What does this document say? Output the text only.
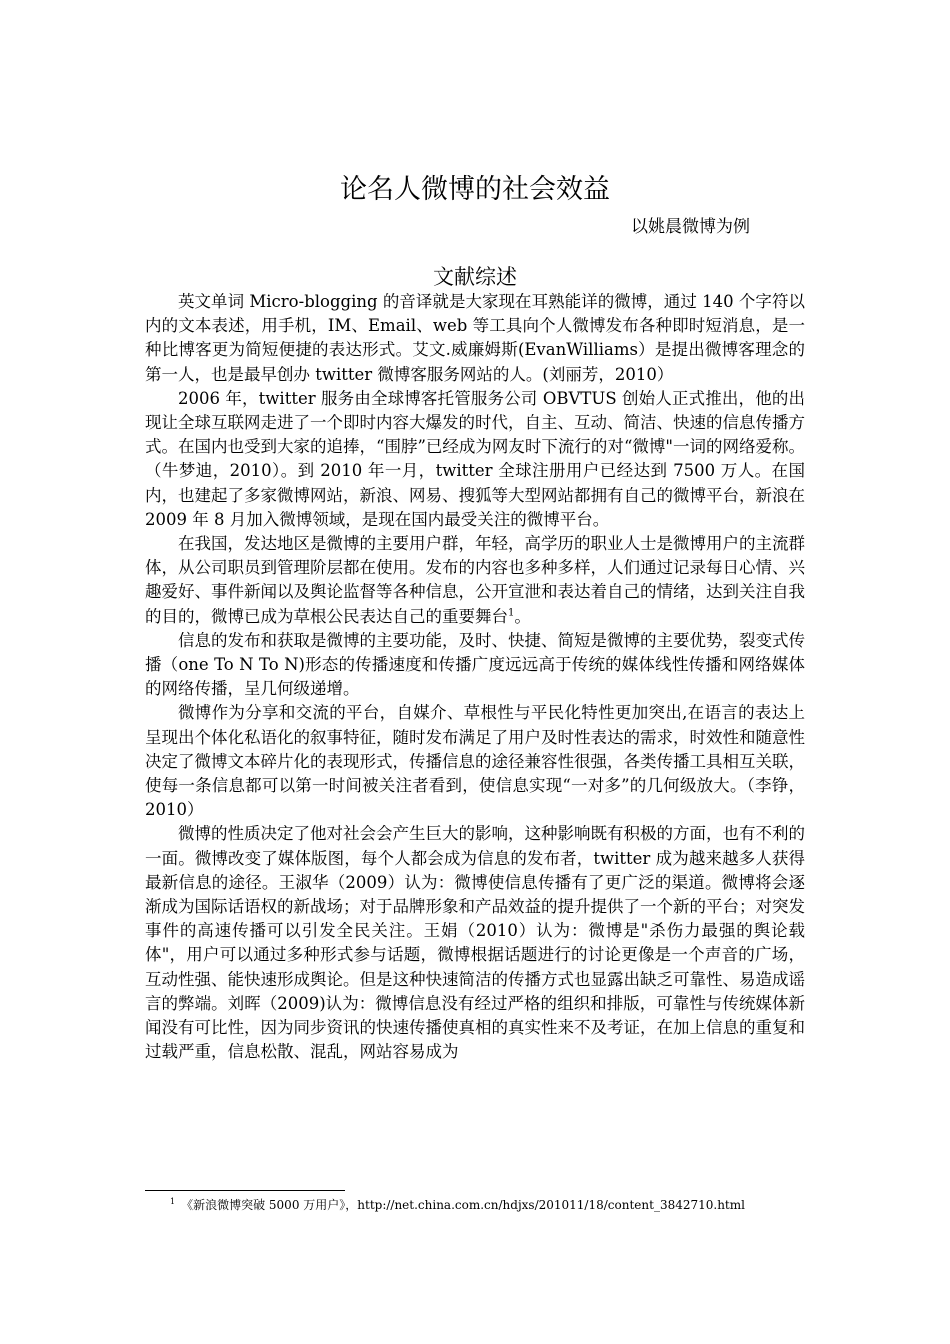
论名人微博的社会效益
以姚晨微博为例
文献综述

英文单词 Micro-blogging 的音译就是大家现在耳熟能详的微博，通过 140 个字符以内的文本表述，用手机，IM、Email、web 等工具向个人微博发布各种即时短消息，是一种比博客更为简短便捷的表达形式。艾文.威廉姆斯(EvanWilliams）是提出微博客理念的第一人，也是最早创办 twitter 微博客服务网站的人。(刘丽芳，2010）

2006 年，twitter 服务由全球博客托管服务公司 OBVTUS 创始人正式推出，他的出现让全球互联网走进了一个即时内容大爆发的时代，自主、互动、简洁、快速的信息传播方式。在国内也受到大家的追捧，“围脖”已经成为网友时下流行的对“微博"一词的网络爱称。（牛梦迪，2010）。到 2010 年一月，twitter 全球注册用户已经达到 7500 万人。在国内，也建起了多家微博网站，新浪、网易、搜狐等大型网站都拥有自己的微博平台，新浪在 2009 年 8 月加入微博领域，是现在国内最受关注的微博平台。

在我国，发达地区是微博的主要用户群，年轻，高学历的职业人士是微博用户的主流群体，从公司职员到管理阶层都在使用。发布的内容也多种多样，人们通过记录每日心情、兴趣爱好、事件新闻以及舆论监督等各种信息，公开宣泄和表达着自己的情绪，达到关注自我的目的，微博已成为草根公民表达自己的重要舞台$^1$。

信息的发布和获取是微博的主要功能，及时、快捷、简短是微博的主要优势，裂变式传播（one To N To N)形态的传播速度和传播广度远远高于传统的媒体线性传播和网络媒体的网络传播，呈几何级递增。

微博作为分享和交流的平台，自媒介、草根性与平民化特性更加突出,在语言的表达上呈现出个体化私语化的叙事特征，随时发布满足了用户及时性表达的需求，时效性和随意性决定了微博文本碎片化的表现形式，传播信息的途径兼容性很强，各类传播工具相互关联，使每一条信息都可以第一时间被关注者看到，使信息实现“一对多”的几何级放大。（李铮，2010）

微博的性质决定了他对社会会产生巨大的影响，这种影响既有积极的方面，也有不利的一面。微博改变了媒体版图，每个人都会成为信息的发布者，twitter 成为越来越多人获得最新信息的途径。王淑华（2009）认为：微博使信息传播有了更广泛的渠道。微博将会逐渐成为国际话语权的新战场；对于品牌形象和产品效益的提升提供了一个新的平台；对突发事件的高速传播可以引发全民关注。王娟（2010）认为：微博是"杀伤力最强的舆论载体"，用户可以通过多种形式参与话题，微博根据话题进行的讨论更像是一个声音的广场，互动性强、能快速形成舆论。但是这种快速简洁的传播方式也显露出缺乏可靠性、易造成谣言的弊端。刘晖（2009)认为：微博信息没有经过严格的组织和排版，可靠性与传统媒体新闻没有可比性，因为同步资讯的快速传播使真相的真实性来不及考证，在加上信息的重复和过载严重，信息松散、混乱，网站容易成为

$^1$ 《新浪微博突破 5000 万用户》，http://net.china.com.cn/hdjxs/201011/18/content_3842710.html
